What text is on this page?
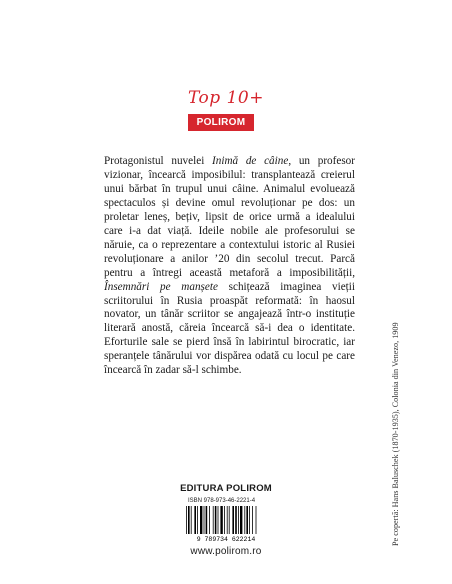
Top 10+
POLIROM

Protagonistul nuvelei Inimă de câine, un profesor vizionar, încearcă imposibilul: transplantează creierul unui bărbat în trupul unui câine. Animalul evoluează spectaculos și devine omul revoluționar pe dos: un proletar leneș, bețiv, lipsit de orice urmă a idealului care i-a dat viață. Ideile nobile ale profesorului se năruie, ca o reprezentare a contextului istoric al Rusiei revoluționare a anilor ’20 din secolul trecut. Parcă pentru a întregi această metaforă a imposibilității, Însemnări pe manșete schițează imaginea vieții scriitorului în Rusia proaspăt reformată: în haosul novator, un tânăr scriitor se angajează într-o instituție literară anostă, căreia încearcă să-i dea o identitate. Eforturile sale se pierd însă în labirintul birocratic, iar speranțele tânărului vor dispărea odată cu locul pe care încearcă în zadar să-l schimbe.

EDITURA POLIROM
ISBN 978-973-46-2221-4
9 789734 622214
www.polirom.ro
Pe copertă: Hans Baluschek (1870-1935), Colonia din Venezo, 1909
